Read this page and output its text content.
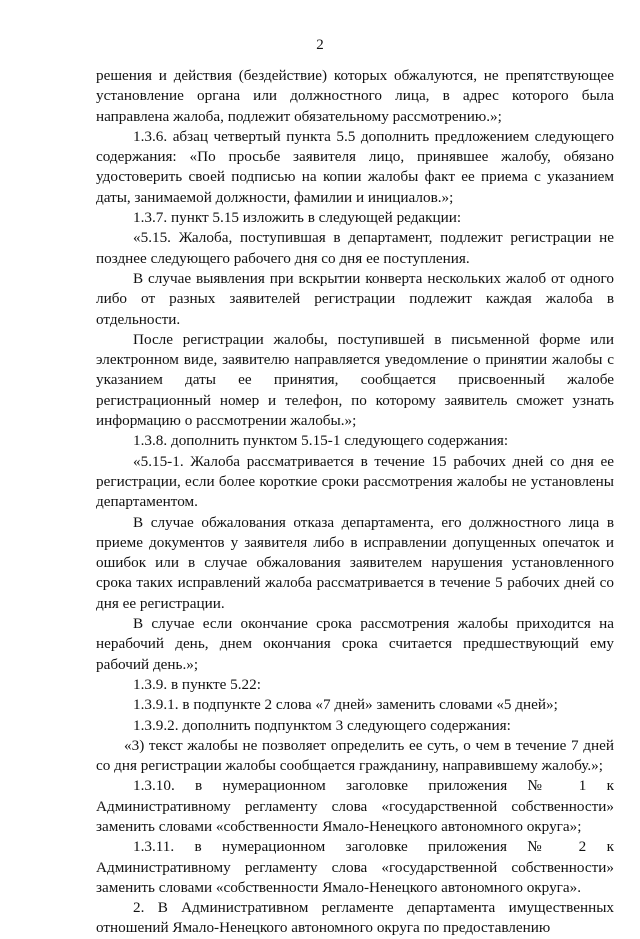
2

решения и действия (бездействие) которых обжалуются, не препятствующее установление органа или должностного лица, в адрес которого была направлена жалоба, подлежит обязательному рассмотрению.»;

1.3.6. абзац четвертый пункта 5.5 дополнить предложением следующего содержания: «По просьбе заявителя лицо, принявшее жалобу, обязано удостоверить своей подписью на копии жалобы факт ее приема с указанием даты, занимаемой должности, фамилии и инициалов.»;

1.3.7. пункт 5.15 изложить в следующей редакции:

«5.15. Жалоба, поступившая в департамент, подлежит регистрации не позднее следующего рабочего дня со дня ее поступления.

В случае выявления при вскрытии конверта нескольких жалоб от одного либо от разных заявителей регистрации подлежит каждая жалоба в отдельности.

После регистрации жалобы, поступившей в письменной форме или электронном виде, заявителю направляется уведомление о принятии жалобы с указанием даты ее принятия, сообщается присвоенный жалобе регистрационный номер и телефон, по которому заявитель сможет узнать информацию о рассмотрении жалобы.»;

1.3.8. дополнить пунктом 5.15-1 следующего содержания:

«5.15-1. Жалоба рассматривается в течение 15 рабочих дней со дня ее регистрации, если более короткие сроки рассмотрения жалобы не установлены департаментом.

В случае обжалования отказа департамента, его должностного лица в приеме документов у заявителя либо в исправлении допущенных опечаток и ошибок или в случае обжалования заявителем нарушения установленного срока таких исправлений жалоба рассматривается в течение 5 рабочих дней со дня ее регистрации.

В случае если окончание срока рассмотрения жалобы приходится на нерабочий день, днем окончания срока считается предшествующий ему рабочий день.»;

1.3.9. в пункте 5.22:

1.3.9.1. в подпункте 2 слова «7 дней» заменить словами «5 дней»;

1.3.9.2. дополнить подпунктом 3 следующего содержания:

«3) текст жалобы не позволяет определить ее суть, о чем в течение 7 дней со дня регистрации жалобы сообщается гражданину, направившему жалобу.»;

1.3.10. в нумерационном заголовке приложения № 1 к Административному регламенту слова «государственной собственности» заменить словами «собственности Ямало-Ненецкого автономного округа»;

1.3.11. в нумерационном заголовке приложения № 2 к Административному регламенту слова «государственной собственности» заменить словами «собственности Ямало-Ненецкого автономного округа».

2. В Административном регламенте департамента имущественных отношений Ямало-Ненецкого автономного округа по предоставлению
